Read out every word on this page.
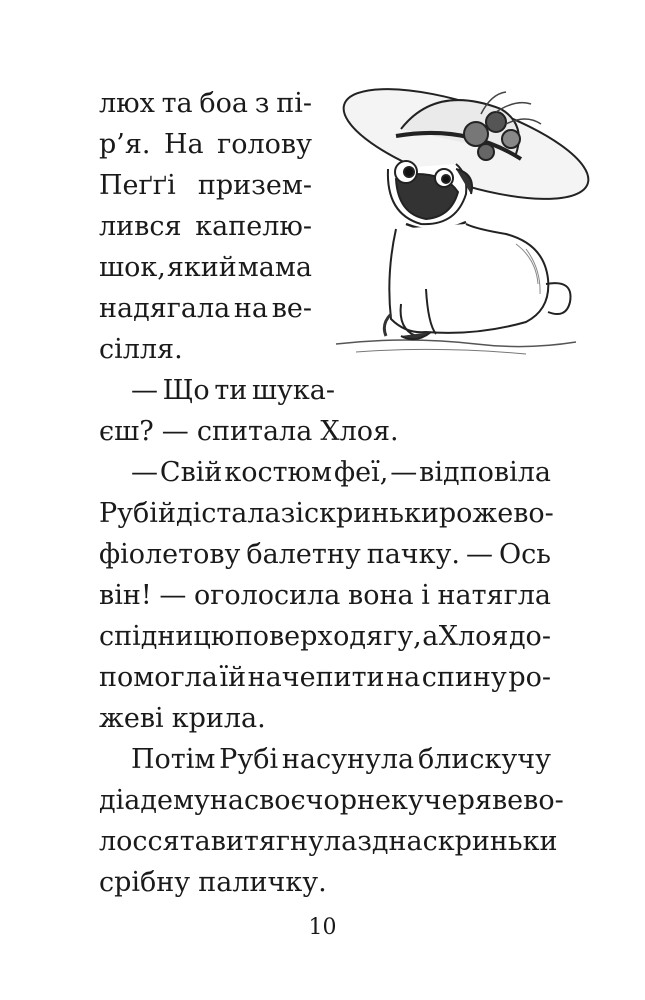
люх та боа з пі-
р’я. На голову
Пеґґі призем-
лився капелю-
шок, який мама
надягала на ве-
сілля.
— Що ти шука-
єш? — спитала Хлоя.
— Свій костюм феї, — відповіла
Рубі й дістала зі скриньки рожево-
фіолетову балетну пачку. — Ось
він! — оголосила вона і натягла
спідницю поверх одягу, а Хлоя до-
помогла їй начепити на спину ро-
жеві крила.
Потім Рубі насунула блискучу
діадему на своє чорне кучеряве во-
лосся та витягнула з дна скриньки
срібну паличку.
10
